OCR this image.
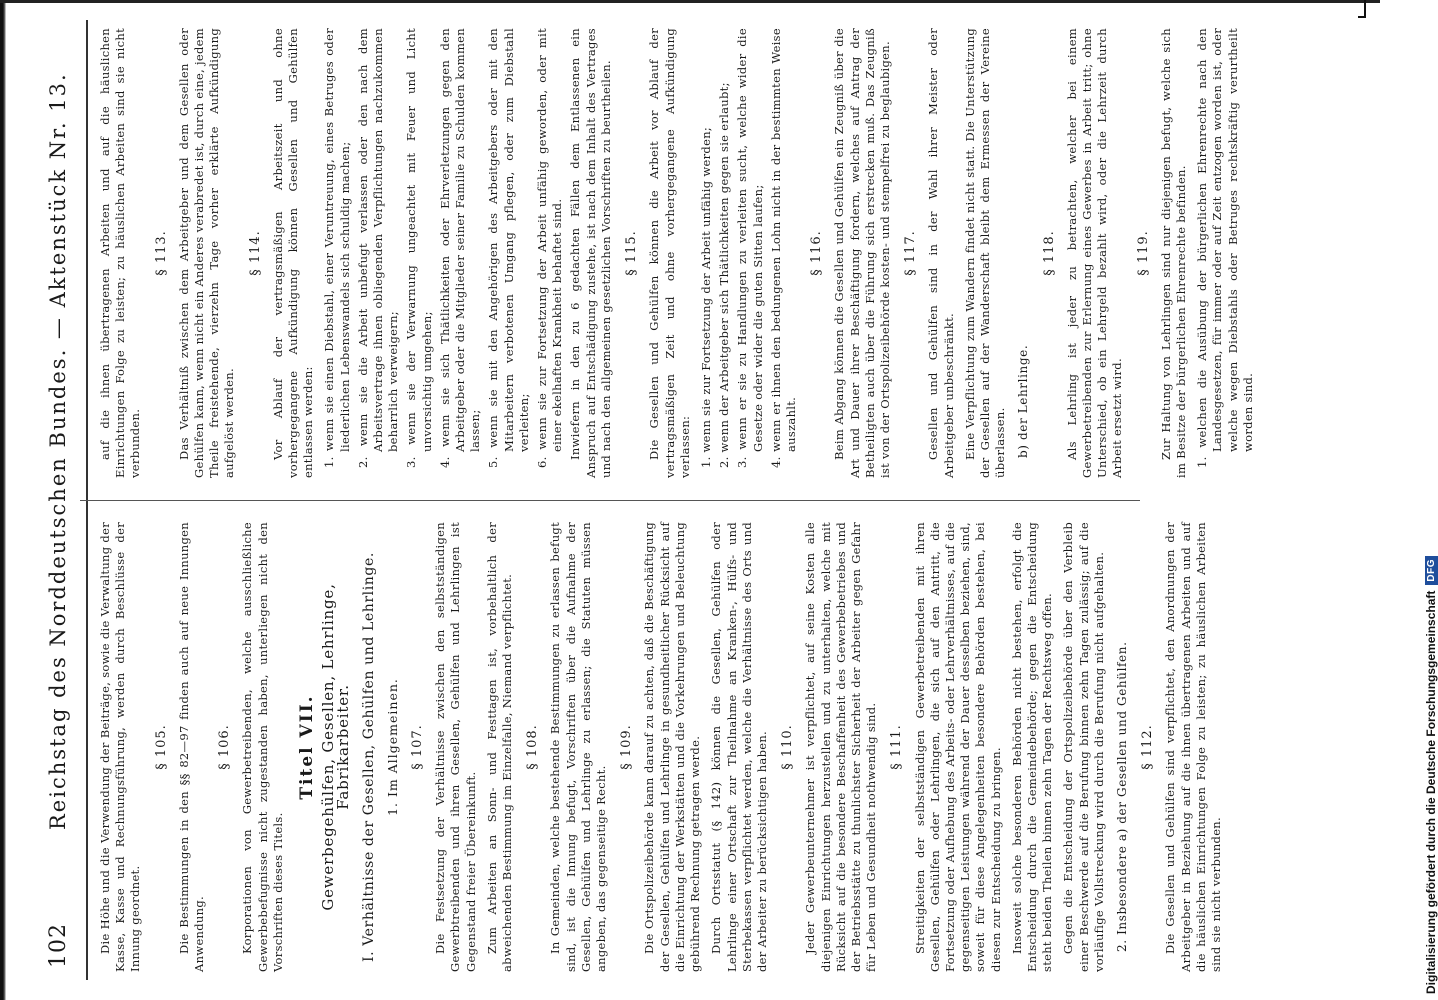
102
Reichstag des Norddeutschen Bundes. — Aktenstück Nr. 13. Die Höhe und die Verwendung der Beiträge, sowie die Verwaltung der Kasse, Kasse und Rechnungsführung, werden durch Beschlüsse der Innung geordnet.

§ 105. Die Bestimmungen in den §§ 82—97 finden auch auf neue Innungen Anwendung.

§ 106. Korporationen von Gewerbetreibenden, welche ausschließliche Gewerbebefugnisse nicht zugestanden haben, unterliegen nicht den Vorschriften dieses Titels.

Titel VII. Gewerbegehülfen, Gesellen, Lehrlinge, Fabrikarbeiter. I. Verhältnisse der Gesellen, Gehülfen und Lehrlinge. 1. Im Allgemeinen. § 107. Die Festsetzung der Verhältnisse zwischen den selbstständigen Gewerbtreibenden und ihren Gesellen, Gehülfen und Lehrlingen ist Gegenstand freier Übereinkunft. Zum Arbeiten an Sonn- und Festtagen ist, vorbehaltlich der abweichenden Bestimmung im Einzelfalle, Niemand verpflichtet. § 108. In Gemeinden, welche bestehende Bestimmungen zu erlassen befugt sind, ist die Innung befugt, Vorschriften über die Aufnahme der Gesellen, Gehülfen und Lehrlinge zu erlassen; die Statuten müssen angeben, das gegenseitige Recht.

§ 109. Die Ortspolizeibehörde kann darauf zu achten, daß die Beschäftigung der Gesellen, Gehülfen und Lehrlinge in gesundheitlicher Rücksicht auf die Einrichtung der Werkstätten und die Vorkehrungen und Beleuchtung gebührend Rechnung getragen werde. Durch Ortsstatut (§ 142) können die Gesellen, Gehülfen oder Lehrlinge einer Ortschaft zur Theilnahme an Kranken-, Hülfs- und Sterbekassen verpflichtet werden, welche die Verhältnisse des Orts und der Arbeiter zu berücksichtigen haben. § 110. Jeder Gewerbeunternehmer ist verpflichtet, auf seine Kosten alle diejenigen Einrichtungen herzustellen und zu unterhalten, welche mit Rücksicht auf die besondere Beschaffenheit des Gewerbebetriebes und der Betriebsstätte zu thunlichster Sicherheit der Arbeiter gegen Gefahr für Leben und Gesundheit nothwendig sind. § 111. Streitigkeiten der selbstständigen Gewerbetreibenden mit ihren Gesellen, Gehülfen oder Lehrlingen, die sich auf den Antritt, die Fortsetzung oder Aufhebung des Arbeits- oder Lehrverhältnisses, auf die gegenseitigen Leistungen während der Dauer desselben beziehen, sind, soweit für diese Angelegenheiten besondere Behörden bestehen, bei diesen zur Entscheidung zu bringen. Insoweit solche besonderen Behörden nicht bestehen, erfolgt die Entscheidung durch die Gemeindebehörde; gegen die Entscheidung steht beiden Theilen binnen zehn Tagen der Rechtsweg offen. Gegen die Entscheidung der Ortspolizeibehörde über den Verbleib einer Beschwerde auf die Berufung binnen zehn Tagen zulässig; auf die vorläufige Vollstreckung wird durch die Berufung nicht aufgehalten. 2. Insbesondere a) der Gesellen und Gehülfen. § 112. Die Gesellen und Gehülfen sind verpflichtet, den Anordnungen der Arbeitgeber in Beziehung auf die ihnen übertragenen Arbeiten und auf die häuslichen Einrichtungen Folge zu leisten; zu häuslichen Arbeiten sind sie nicht verbunden.

auf die ihnen übertragenen Arbeiten und auf die häuslichen Einrichtungen Folge zu leisten; zu häuslichen Arbeiten sind sie nicht verbunden.

§ 113. Das Verhältniß zwischen dem Arbeitgeber und dem Gesellen oder Gehülfen kann, wenn nicht ein Anderes verabredet ist, durch eine, jedem Theile freistehende, vierzehn Tage vorher erklärte Aufkündigung aufgelöst werden.

§ 114. Vor Ablauf der vertragsmäßigen Arbeitszeit und ohne vorhergegangene Aufkündigung können Gesellen und Gehülfen entlassen werden: 1. wenn sie einen Diebstahl, einer Veruntreuung, eines Betruges oder liederlichen Lebenswandels sich schuldig machen; 2. wenn sie die Arbeit unbefugt verlassen oder den nach dem Arbeitsvertrage ihnen obliegenden Verpflichtungen nachzukommen beharrlich verweigern; 3. wenn sie der Verwarnung ungeachtet mit Feuer und Licht unvorsichtig umgehen; 4. wenn sie sich Thätlichkeiten oder Ehrverletzungen gegen den Arbeitgeber oder die Mitglieder seiner Familie zu Schulden kommen lassen; 5. wenn sie mit den Angehörigen des Arbeitgebers oder mit den Mitarbeitern verbotenen Umgang pflegen, oder zum Diebstahl verleiten; 6. wenn sie zur Fortsetzung der Arbeit unfähig geworden, oder mit einer ekelhaften Krankheit behaftet sind. Inwiefern in den zu 6 gedachten Fällen dem Entlassenen ein Anspruch auf Entschädigung zustehe, ist nach dem Inhalt des Vertrages und nach den allgemeinen gesetzlichen Vorschriften zu beurtheilen. § 115. Die Gesellen und Gehülfen können die Arbeit vor Ablauf der vertragsmäßigen Zeit und ohne vorhergegangene Aufkündigung verlassen: 1. wenn sie zur Fortsetzung der Arbeit unfähig werden; 2. wenn der Arbeitgeber sich Thätlichkeiten gegen sie erlaubt; 3. wenn er sie zu Handlungen zu verleiten sucht, welche wider die Gesetze oder wider die guten Sitten laufen; 4. wenn er ihnen den bedungenen Lohn nicht in der bestimmten Weise auszahlt.
§ 116. Beim Abgang können die Gesellen und Gehülfen ein Zeugniß über die Art und Dauer ihrer Beschäftigung fordern, welches auf Antrag der Betheiligten auch über die Führung sich erstrecken muß. Das Zeugniß ist von der Ortspolizeibehörde kosten- und stempelfrei zu beglaubigen. § 117. Gesellen und Gehülfen sind in der Wahl ihrer Meister oder Arbeitgeber unbeschränkt. Eine Verpflichtung zum Wandern findet nicht statt. Die Unterstützung der Gesellen auf der Wanderschaft bleibt dem Ermessen der Vereine überlassen. b) der Lehrlinge.
§ 118. Als Lehrling ist jeder zu betrachten, welcher bei einem Gewerbetreibenden zur Erlernung eines Gewerbes in Arbeit tritt; ohne Unterschied, ob ein Lehrgeld bezahlt wird, oder die Lehrzeit durch Arbeit ersetzt wird.

§ 119. Zur Haltung von Lehrlingen sind nur diejenigen befugt, welche sich im Besitze der bürgerlichen Ehrenrechte befinden. 1. welchen die Ausübung der bürgerlichen Ehrenrechte nach den Landesgesetzen, für immer oder auf Zeit entzogen worden ist, oder welche wegen Diebstahls oder Betruges rechtskräftig verurtheilt worden sind.
Digitalisierung gefördert durch die Deutsche Forschungsgemeinschaft
DFG
